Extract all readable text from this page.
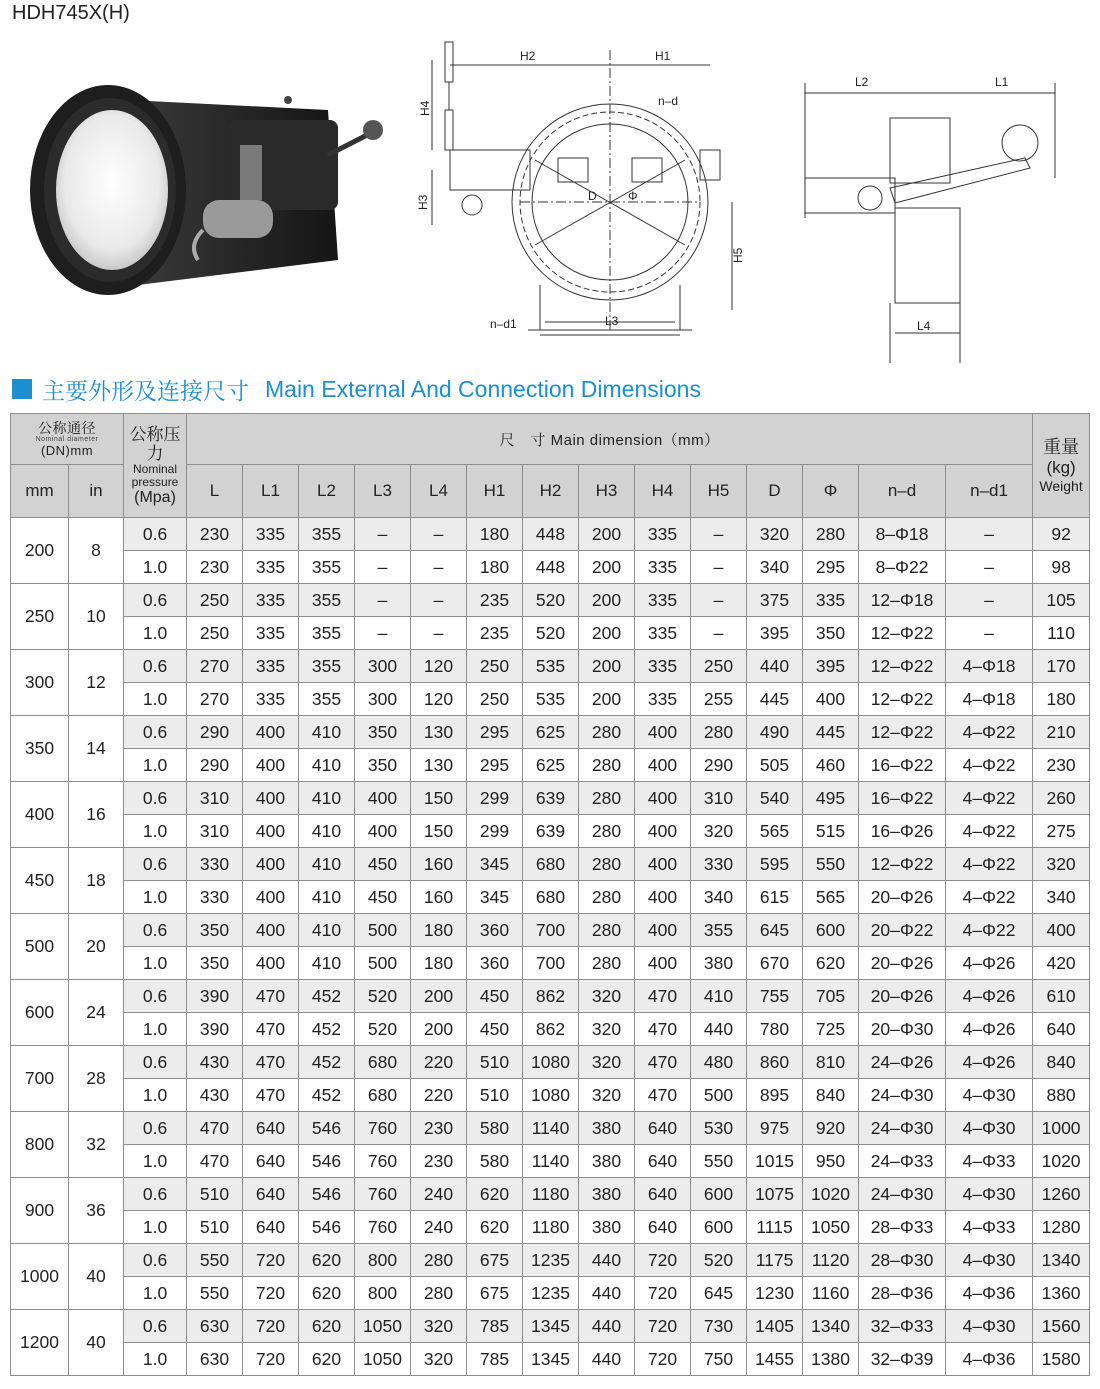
HDH745X(H)
H2	H1
n–d
D	Φ
L3
n–d1
H4
H3
H5
L2	L1
L4
主要外形及连接尺寸 Main External And Connection Dimensions
公称通径
Nominal diameter
(DN)mm		公称压力
Nominal pressure
(Mpa)	尺　寸 Main dimension（mm）														重量
(kg)
Weight

mm	in		L	L1	L2	L3	L4	H1	H2	H3	H4	H5	D	Φ	n–d	n–d1	
200	8	0.6	230	335	355	–	–	180	448	200	335	–	320	280	8–Φ18	–	92
		1.0	230	335	355	–	–	180	448	200	335	–	340	295	8–Φ22	–	98
250	10	0.6	250	335	355	–	–	235	520	200	335	–	375	335	12–Φ18	–	105
		1.0	250	335	355	–	–	235	520	200	335	–	395	350	12–Φ22	–	110
300	12	0.6	270	335	355	300	120	250	535	200	335	250	440	395	12–Φ22	4–Φ18	170
		1.0	270	335	355	300	120	250	535	200	335	255	445	400	12–Φ22	4–Φ18	180
350	14	0.6	290	400	410	350	130	295	625	280	400	280	490	445	12–Φ22	4–Φ22	210
		1.0	290	400	410	350	130	295	625	280	400	290	505	460	16–Φ22	4–Φ22	230
400	16	0.6	310	400	410	400	150	299	639	280	400	310	540	495	16–Φ22	4–Φ22	260
		1.0	310	400	410	400	150	299	639	280	400	320	565	515	16–Φ26	4–Φ22	275
450	18	0.6	330	400	410	450	160	345	680	280	400	330	595	550	12–Φ22	4–Φ22	320
		1.0	330	400	410	450	160	345	680	280	400	340	615	565	20–Φ26	4–Φ22	340
500	20	0.6	350	400	410	500	180	360	700	280	400	355	645	600	20–Φ22	4–Φ22	400
		1.0	350	400	410	500	180	360	700	280	400	380	670	620	20–Φ26	4–Φ26	420
600	24	0.6	390	470	452	520	200	450	862	320	470	410	755	705	20–Φ26	4–Φ26	610
		1.0	390	470	452	520	200	450	862	320	470	440	780	725	20–Φ30	4–Φ26	640
700	28	0.6	430	470	452	680	220	510	1080	320	470	480	860	810	24–Φ26	4–Φ26	840
		1.0	430	470	452	680	220	510	1080	320	470	500	895	840	24–Φ30	4–Φ30	880
800	32	0.6	470	640	546	760	230	580	1140	380	640	530	975	920	24–Φ30	4–Φ30	1000
		1.0	470	640	546	760	230	580	1140	380	640	550	1015	950	24–Φ33	4–Φ33	1020
900	36	0.6	510	640	546	760	240	620	1180	380	640	600	1075	1020	24–Φ30	4–Φ30	1260
		1.0	510	640	546	760	240	620	1180	380	640	600	1115	1050	28–Φ33	4–Φ33	1280
1000	40	0.6	550	720	620	800	280	675	1235	440	720	520	1175	1120	28–Φ30	4–Φ30	1340
		1.0	550	720	620	800	280	675	1235	440	720	645	1230	1160	28–Φ36	4–Φ36	1360
1200	40	0.6	630	720	620	1050	320	785	1345	440	720	730	1405	1340	32–Φ33	4–Φ30	1560
		1.0	630	720	620	1050	320	785	1345	440	720	750	1455	1380	32–Φ39	4–Φ36	1580
